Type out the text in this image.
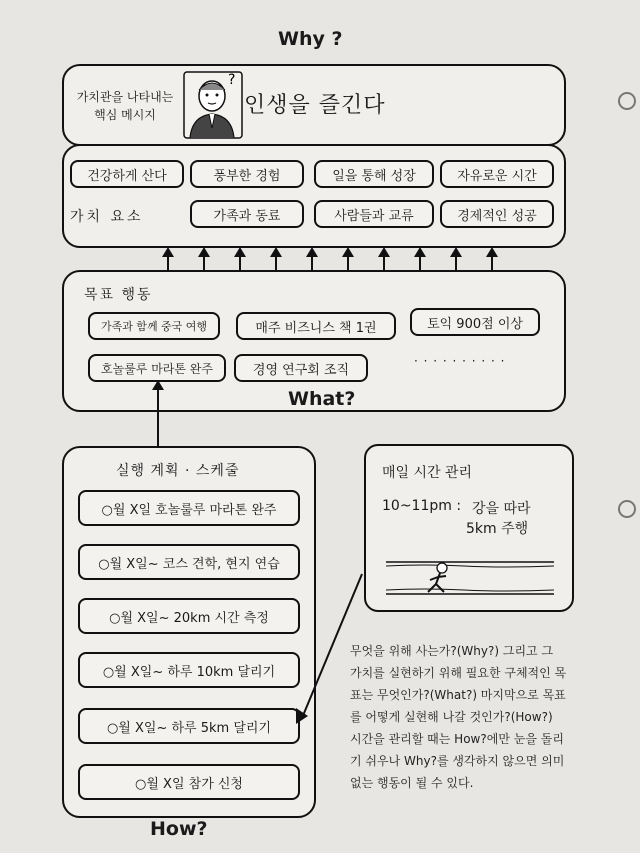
Why ?
가치관을 나타내는
핵심 메시지
?
인생을 즐긴다
건강하게 산다	풍부한 경험	일을 통해 성장	자유로운 시간
가치 요소	가족과 동료	사람들과 교류	경제적인 성공
목표 행동
가족과 함께 중국 여행	매주 비즈니스 책 1권	토익 900점 이상
호놀룰루 마라톤 완주	경영 연구회 조직
· · · · · · · · · ·
What?
실행 계획 · 스케줄
○월 X일 호놀룰루 마라톤 완주
○월 X일~ 코스 견학, 현지 연습
○월 X일~ 20km 시간 측정
○월 X일~ 하루 10km 달리기
○월 X일~ 하루 5km 달리기
○월 X일 참가 신청
How?
매일 시간 관리
10~11pm : 강을 따라
5km 주행
무엇을 위해 사는가?(Why?) 그리고 그
가치를 실현하기 위해 필요한 구체적인 목
표는 무엇인가?(What?) 마지막으로 목표
를 어떻게 실현해 나갈 것인가?(How?)
시간을 관리할 때는 How?에만 눈을 돌리
기 쉬우나 Why?를 생각하지 않으면 의미
없는 행동이 될 수 있다.
